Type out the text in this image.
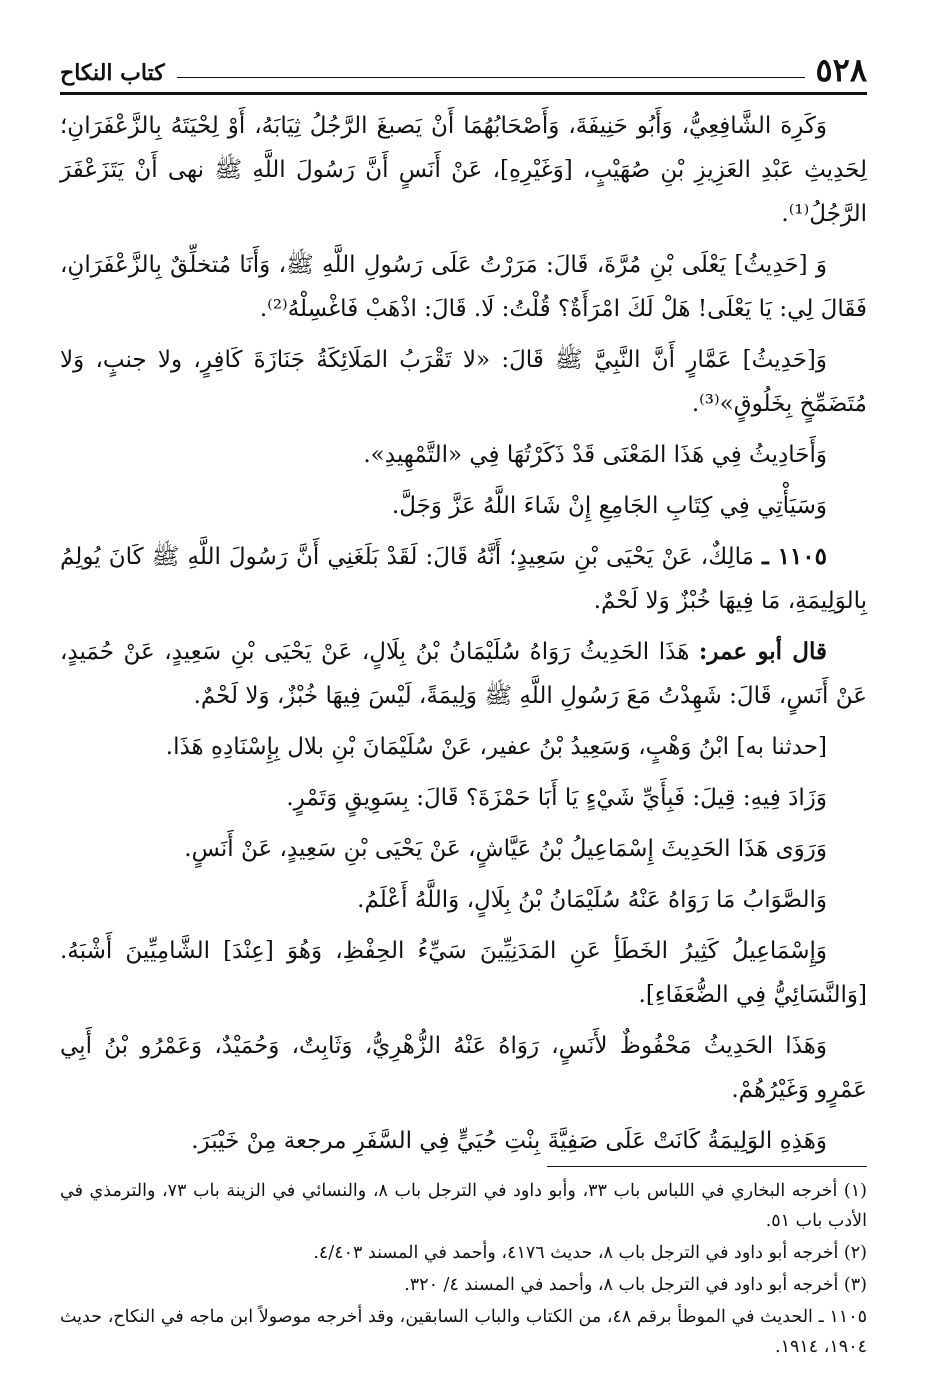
٥٢٨
كتاب النكاح

وَكَرِهَ الشَّافِعِيُّ، وَأَبُو حَنِيفَةَ، وَأَصْحَابُهُمَا أَنْ يَصبغَ الرَّجُلُ ثِيَابَهُ، أَوْ لِحْيَتَهُ بِالزَّعْفَرَانِ؛ لِحَدِيثِ عَبْدِ العَزِيزِ بْنِ صُهَيْبٍ، [وَغَيْرِهِ]، عَنْ أَنَسٍ أَنَّ رَسُولَ اللَّهِ ﷺ نهى أَنْ يَتَزَعْفَرَ الرَّجُلُ⁽¹⁾.

وَ [حَدِيثُ] يَعْلَى بْنِ مُرَّةَ، قَالَ: مَرَرْتُ عَلَى رَسُولِ اللَّهِ ﷺ، وَأَنَا مُتخلِّقٌ بِالزَّعْفَرَانِ، فَقَالَ لِي: يَا يَعْلَى! هَلْ لَكَ امْرَأَةٌ؟ قُلْتُ: لَا. قَالَ: اذْهَبْ فَاغْسِلْهُ⁽²⁾.

وَ[حَدِيثُ] عَمَّارٍ أَنَّ النَّبِيَّ ﷺ قَالَ: «لا تَقْرَبُ المَلَائِكَةُ جَنَازَةَ كَافِرٍ، ولا جنبٍ، وَلا مُتَضَمِّخٍ بِخَلُوقٍ»⁽³⁾.

وَأَحَادِيثُ فِي هَذَا المَعْنَى قَدْ ذَكَرْتُهَا فِي «التَّمْهِيدِ».

وَسَيَأْتِي فِي كِتَابِ الجَامِعِ إِنْ شَاءَ اللَّهُ عَزَّ وَجَلَّ.

١١٠٥ ـ مَالِكٌ، عَنْ يَحْيَى بْنِ سَعِيدٍ؛ أَنَّهُ قَالَ: لَقَدْ بَلَغَنِي أَنَّ رَسُولَ اللَّهِ ﷺ كَانَ يُولِمُ بِالوَلِيمَةِ، مَا فِيهَا خُبْزٌ وَلا لَحْمٌ.

قال أبو عمر: هَذَا الحَدِيثُ رَوَاهُ سُلَيْمَانُ بْنُ بِلَالٍ، عَنْ يَحْيَى بْنِ سَعِيدٍ، عَنْ حُمَيدٍ، عَنْ أَنَسٍ، قَالَ: شَهِدْتُ مَعَ رَسُولِ اللَّهِ ﷺ وَلِيمَةً، لَيْسَ فِيهَا خُبْزٌ، وَلا لَحْمٌ.

[حدثنا به] ابْنُ وَهْبٍ، وَسَعِيدُ بْنُ عفير، عَنْ سُلَيْمَانَ بْنِ بلال بِإِسْنَادِهِ هَذَا.

وَزَادَ فِيهِ: قِيلَ: فَبِأَيِّ شَيْءٍ يَا أَبَا حَمْزَةَ؟ قَالَ: بِسَوِيقٍ وَتَمْرٍ.

وَرَوَى هَذَا الحَدِيثَ إِسْمَاعِيلُ بْنُ عَيَّاشٍ، عَنْ يَحْيَى بْنِ سَعِيدٍ، عَنْ أَنَسٍ.

وَالصَّوَابُ مَا رَوَاهُ عَنْهُ سُلَيْمَانُ بْنُ بِلَالٍ، وَاللَّهُ أَعْلَمُ.

وَإِسْمَاعِيلُ كَثِيرُ الخَطَأِ عَنِ المَدَنِيِّينَ سَيِّءُ الحِفْظِ، وَهُوَ [عِنْدَ] الشَّامِيِّينَ أَشْبَهُ. [وَالنَّسَائِيُّ فِي الضُّعَفَاءِ].

وَهَذَا الحَدِيثُ مَحْفُوظٌ لأَنَسٍ، رَوَاهُ عَنْهُ الزُّهْرِيُّ، وَثَابِتٌ، وَحُمَيْدٌ، وَعَمْرُو بْنُ أَبِي عَمْرٍو وَغَيْرُهُمْ.

وَهَذِهِ الوَلِيمَةُ كَانَتْ عَلَى صَفِيَّةَ بِنْتِ حُيَيٍّ فِي السَّفَرِ مرجعة مِنْ خَيْبَرَ.

(١) أخرجه البخاري في اللباس باب ٣٣، وأبو داود في الترجل باب ٨، والنسائي في الزينة باب ٧٣، والترمذي في الأدب باب ٥١.

(٢) أخرجه أبو داود في الترجل باب ٨، حديث ٤١٧٦، وأحمد في المسند ٤/٤٠٣.

(٣) أخرجه أبو داود في الترجل باب ٨، وأحمد في المسند ٤/ ٣٢٠.

١١٠٥ ـ الحديث في الموطأ برقم ٤٨، من الكتاب والباب السابقين، وقد أخرجه موصولاً ابن ماجه في النكاح، حديث ١٩٠٤، ١٩١٤.
